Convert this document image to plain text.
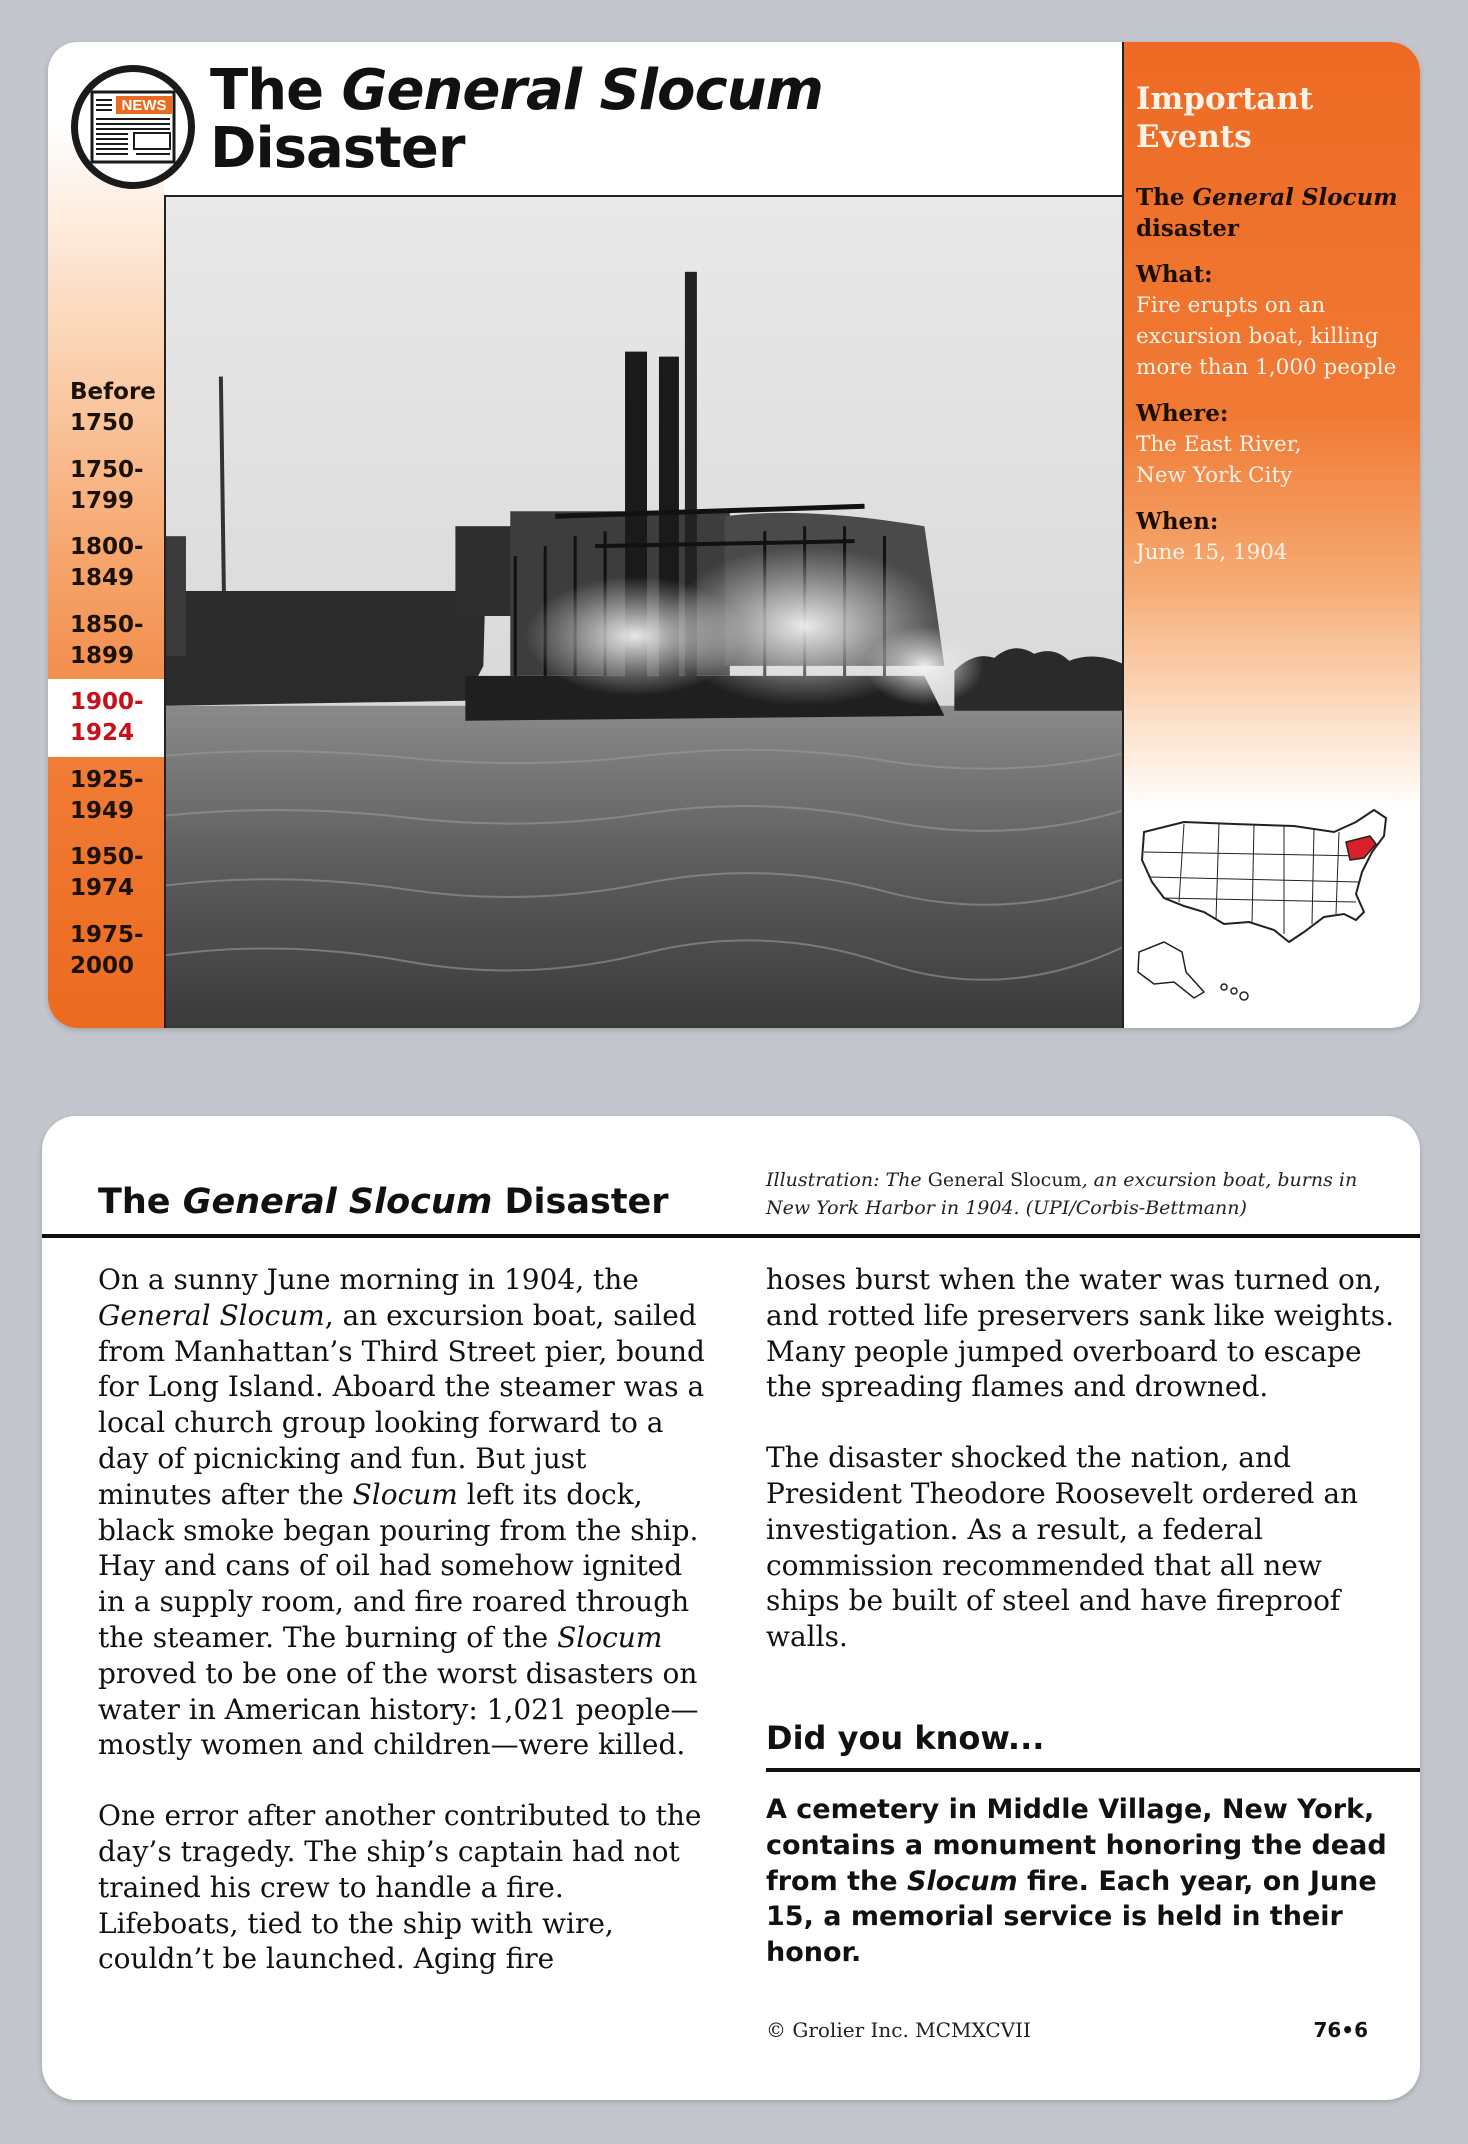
Before
1750
1750-
1799
1800-
1849
1850-
1899
1900-
1924
1925-
1949
1950-
1974
1975-
2000
NEWS The General Slocum
Disaster
Important
Events
The General Slocum disaster
What:
Fire erupts on an excursion boat, killing more than 1,000 people
Where:
The East River,
New York City
When:
June 15, 1904
The General Slocum Disaster
Illustration: The General Slocum, an excursion boat, burns in New York Harbor in 1904. (UPI/Corbis-Bettmann)

On a sunny June morning in 1904, the General Slocum, an excursion boat, sailed from Manhattan’s Third Street pier, bound for Long Island. Aboard the steamer was a local church group looking forward to a day of picnicking and fun. But just minutes after the Slocum left its dock, black smoke began pouring from the ship. Hay and cans of oil had somehow ignited in a supply room, and fire roared through the steamer. The burning of the Slocum proved to be one of the worst disasters on water in American history: 1,021 people—mostly women and children—were killed.

One error after another contributed to the day’s tragedy. The ship’s captain had not trained his crew to handle a fire. Lifeboats, tied to the ship with wire, couldn’t be launched. Aging fire

hoses burst when the water was turned on, and rotted life preservers sank like weights. Many people jumped overboard to escape the spreading flames and drowned.

The disaster shocked the nation, and President Theodore Roosevelt ordered an investigation. As a result, a federal commission recommended that all new ships be built of steel and have fireproof walls.

Did you know...
A cemetery in Middle Village, New York, contains a monument honoring the dead from the Slocum fire. Each year, on June 15, a memorial service is held in their honor.
© Grolier Inc. MCMXCVII	76•6
